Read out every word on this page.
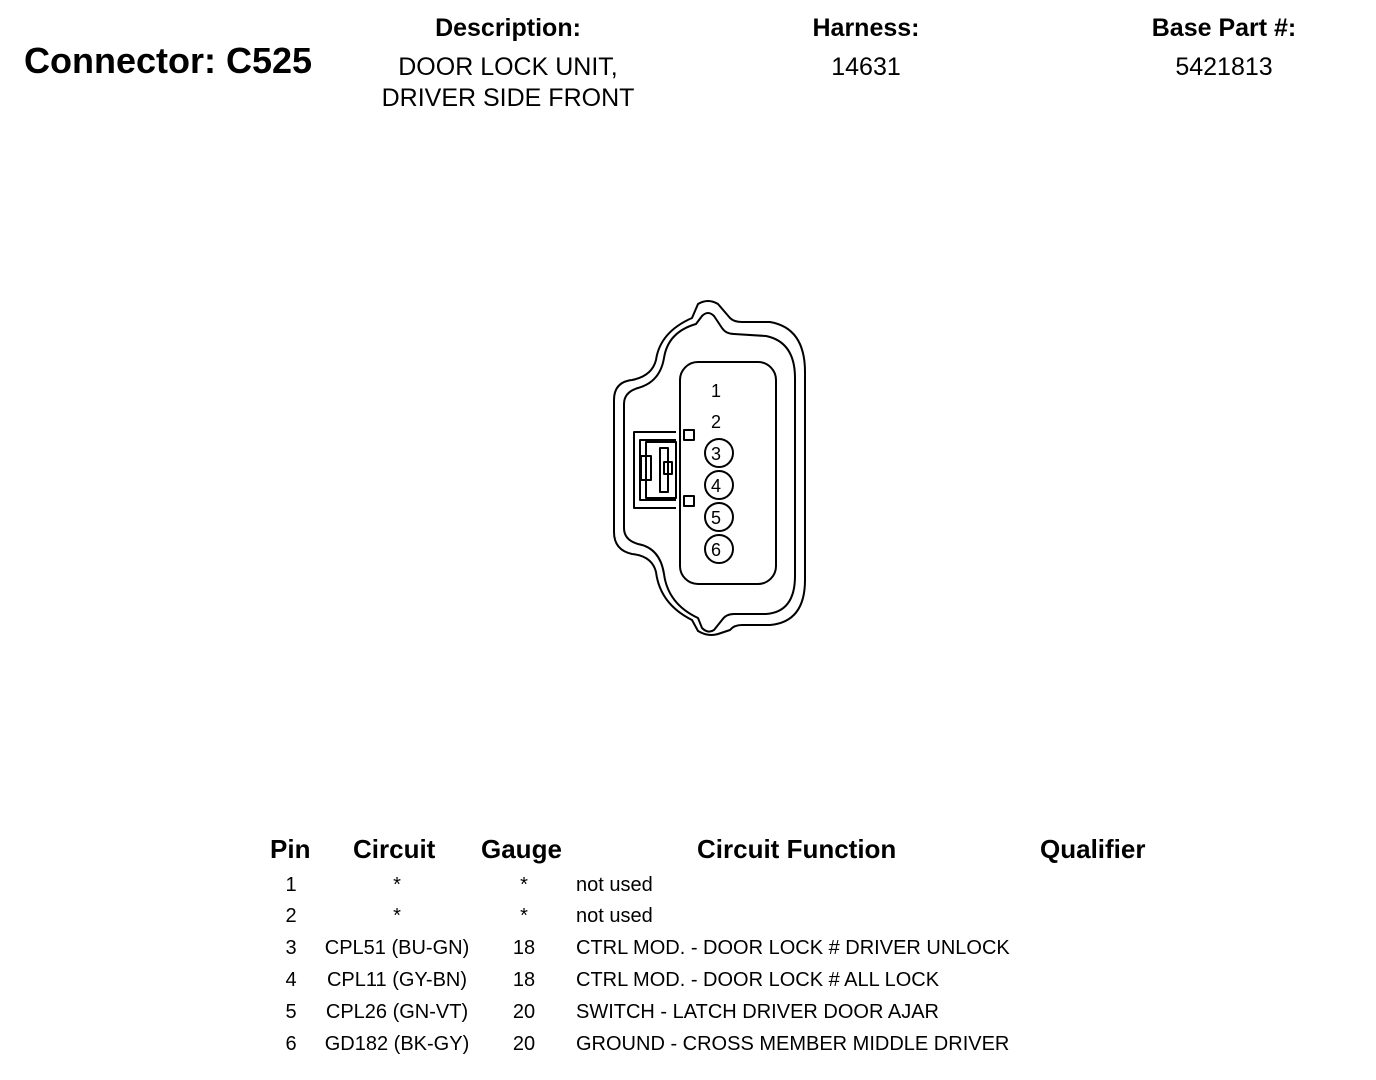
Connector: C525
Description:
DOOR LOCK UNIT,
DRIVER SIDE FRONT
Harness:
14631
Base Part #:
5421813
1
2
3
4
5
6
Pin Circuit Gauge	Circuit Function	Qualifier
1	*	*	not used
2	*	*	not used
3	CPL51 (BU-GN)	18	CTRL MOD. - DOOR LOCK # DRIVER UNLOCK
4	CPL11 (GY-BN)	18	CTRL MOD. - DOOR LOCK # ALL LOCK
5	CPL26 (GN-VT)	20	SWITCH - LATCH DRIVER DOOR AJAR
6	GD182 (BK-GY)	20	GROUND - CROSS MEMBER MIDDLE DRIVER
